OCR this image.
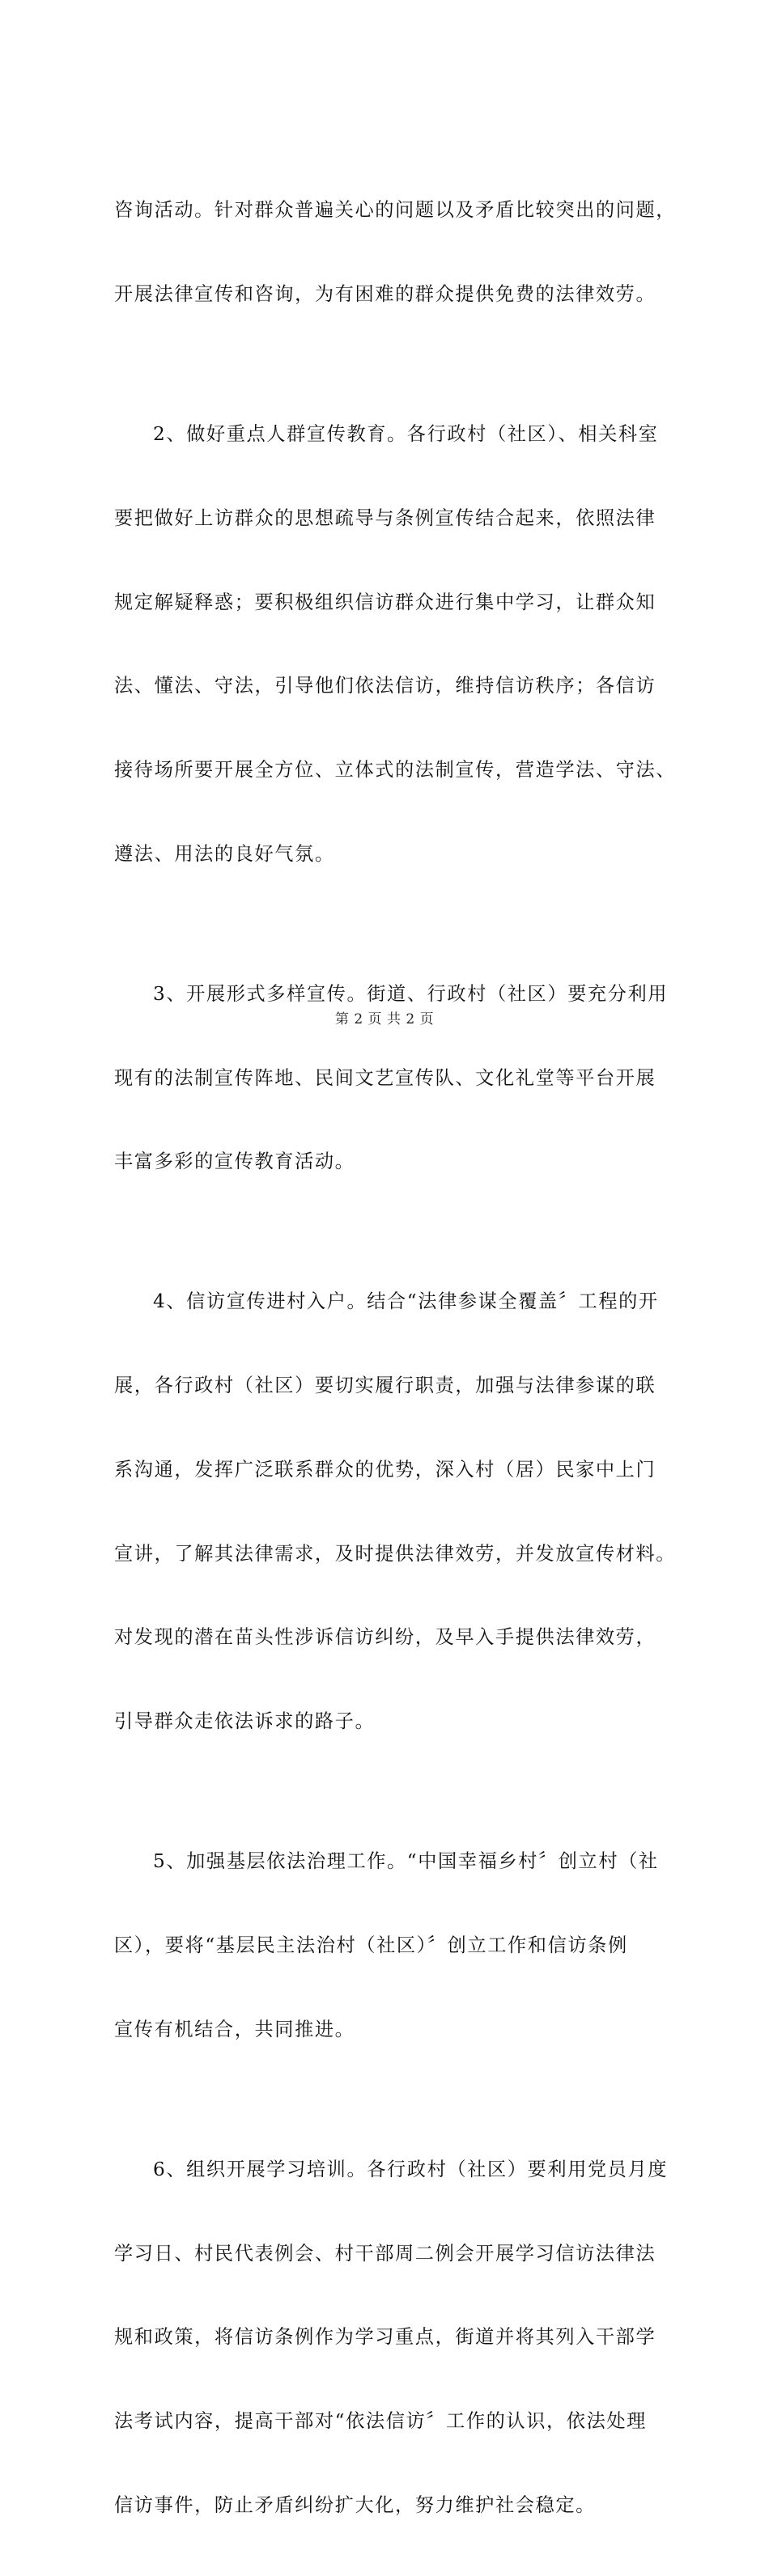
咨询活动。针对群众普遍关心的问题以及矛盾比较突出的问题，

开展法律宣传和咨询，为有困难的群众提供免费的法律效劳。

2、做好重点人群宣传教育。各行政村（社区）、相关科室

要把做好上访群众的思想疏导与条例宣传结合起来，依照法律

规定解疑释惑；要积极组织信访群众进行集中学习，让群众知

法、懂法、守法，引导他们依法信访，维持信访秩序；各信访

接待场所要开展全方位、立体式的法制宣传，营造学法、守法、

遵法、用法的良好气氛。

3、开展形式多样宣传。街道、行政村（社区）要充分利用

现有的法制宣传阵地、民间文艺宣传队、文化礼堂等平台开展

丰富多彩的宣传教育活动。

4、信访宣传进村入户。结合“法律参谋全覆盖〞工程的开

展，各行政村（社区）要切实履行职责，加强与法律参谋的联

系沟通，发挥广泛联系群众的优势，深入村（居）民家中上门

宣讲，了解其法律需求，及时提供法律效劳，并发放宣传材料。

对发现的潜在苗头性涉诉信访纠纷，及早入手提供法律效劳，

引导群众走依法诉求的路子。

5、加强基层依法治理工作。“中国幸福乡村〞创立村（社

区），要将“基层民主法治村（社区）〞创立工作和信访条例

宣传有机结合，共同推进。

6、组织开展学习培训。各行政村（社区）要利用党员月度

学习日、村民代表例会、村干部周二例会开展学习信访法律法

规和政策，将信访条例作为学习重点，街道并将其列入干部学

法考试内容，提高干部对“依法信访〞工作的认识，依法处理

信访事件，防止矛盾纠纷扩大化，努力维护社会稳定。

第 2 页 共 2 页
